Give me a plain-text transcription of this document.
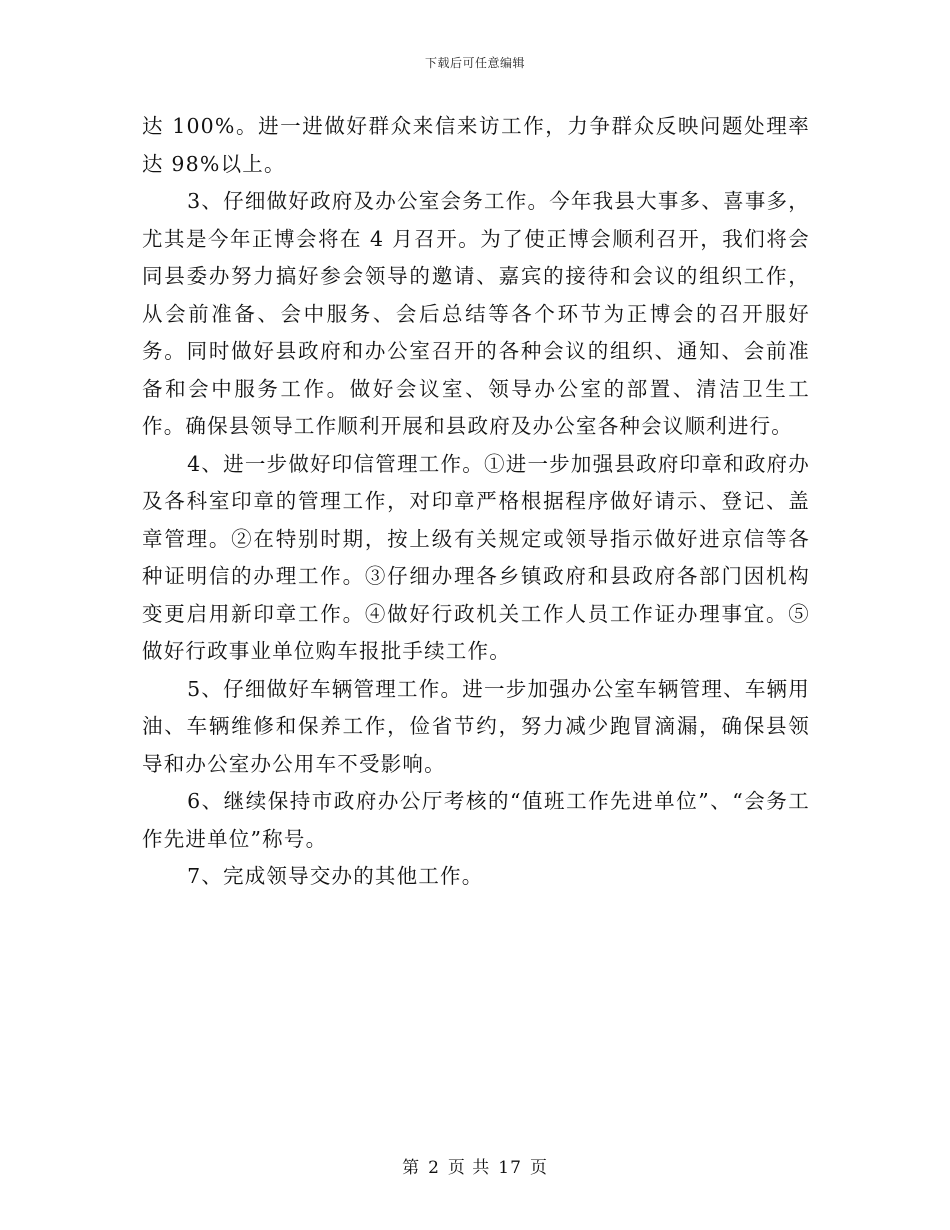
下载后可任意编辑

达 100%。进一进做好群众来信来访工作，力争群众反映问题处理率达 98%以上。

3、仔细做好政府及办公室会务工作。今年我县大事多、喜事多，尤其是今年正博会将在 4 月召开。为了使正博会顺利召开，我们将会同县委办努力搞好参会领导的邀请、嘉宾的接待和会议的组织工作，从会前准备、会中服务、会后总结等各个环节为正博会的召开服好务。同时做好县政府和办公室召开的各种会议的组织、通知、会前准备和会中服务工作。做好会议室、领导办公室的部置、清洁卫生工作。确保县领导工作顺利开展和县政府及办公室各种会议顺利进行。

4、进一步做好印信管理工作。①进一步加强县政府印章和政府办及各科室印章的管理工作，对印章严格根据程序做好请示、登记、盖章管理。②在特别时期，按上级有关规定或领导指示做好进京信等各种证明信的办理工作。③仔细办理各乡镇政府和县政府各部门因机构变更启用新印章工作。④做好行政机关工作人员工作证办理事宜。⑤做好行政事业单位购车报批手续工作。

5、仔细做好车辆管理工作。进一步加强办公室车辆管理、车辆用油、车辆维修和保养工作，俭省节约，努力减少跑冒滴漏，确保县领导和办公室办公用车不受影响。

6、继续保持市政府办公厅考核的“值班工作先进单位”、“会务工作先进单位”称号。

7、完成领导交办的其他工作。

第 2 页 共 17 页
